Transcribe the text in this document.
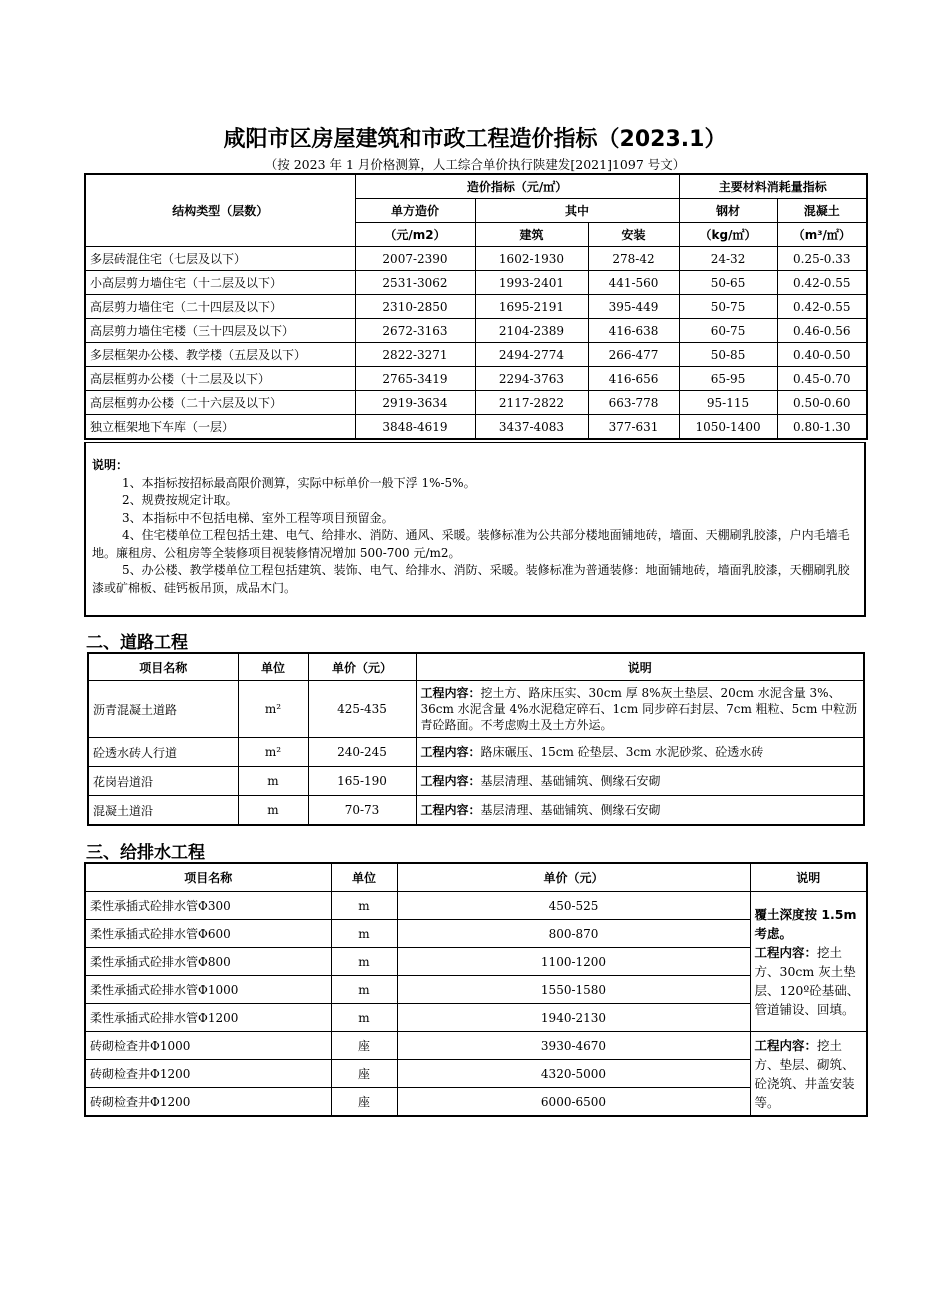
咸阳市区房屋建筑和市政工程造价指标（2023.1）
（按 2023 年 1 月价格测算，人工综合单价执行陕建发[2021]1097 号文）
结构类型（层数）	造价指标（元/㎡）			主要材料消耗量指标	
	单方造价	其中		钢材	混凝土
	（元/m2）	建筑	安装	（kg/㎡）	（m³/㎡）
多层砖混住宅（七层及以下）	2007-2390	1602-1930	278-42	24-32	0.25-0.33
小高层剪力墙住宅（十二层及以下）	2531-3062	1993-2401	441-560	50-65	0.42-0.55
高层剪力墙住宅（二十四层及以下）	2310-2850	1695-2191	395-449	50-75	0.42-0.55
高层剪力墙住宅楼（三十四层及以下）	2672-3163	2104-2389	416-638	60-75	0.46-0.56
多层框架办公楼、教学楼（五层及以下）	2822-3271	2494-2774	266-477	50-85	0.40-0.50
高层框剪办公楼（十二层及以下）	2765-3419	2294-3763	416-656	65-95	0.45-0.70
高层框剪办公楼（二十六层及以下）	2919-3634	2117-2822	663-778	95-115	0.50-0.60
独立框架地下车库（一层）	3848-4619	3437-4083	377-631	1050-1400	0.80-1.30
说明：

1、本指标按招标最高限价测算，实际中标单价一般下浮 1%-5%。

2、规费按规定计取。

3、本指标中不包括电梯、室外工程等项目预留金。

4、住宅楼单位工程包括土建、电气、给排水、消防、通风、采暖。装修标准为公共部分楼地面铺地砖，墙面、天棚刷乳胶漆，户内毛墙毛地。廉租房、公租房等全装修项目视装修情况增加 500-700 元/m2。

5、办公楼、教学楼单位工程包括建筑、装饰、电气、给排水、消防、采暖。装修标准为普通装修：地面铺地砖，墙面乳胶漆，天棚刷乳胶漆或矿棉板、硅钙板吊顶，成品木门。

二、道路工程
项目名称	单位	单价（元）	说明
沥青混凝土道路	m²	425-435	工程内容：挖土方、路床压实、30cm 厚 8%灰土垫层、20cm 水泥含量 3%、36cm 水泥含量 4%水泥稳定碎石、1cm 同步碎石封层、7cm 粗粒、5cm 中粒沥青砼路面。不考虑购土及土方外运。
砼透水砖人行道	m²	240-245	工程内容：路床碾压、15cm 砼垫层、3cm 水泥砂浆、砼透水砖
花岗岩道沿	m	165-190	工程内容：基层清理、基础铺筑、侧缘石安砌
混凝土道沿	m	70-73	工程内容：基层清理、基础铺筑、侧缘石安砌
三、给排水工程
项目名称	单位	单价（元）	说明
柔性承插式砼排水管Φ300	m	450-525	覆土深度按 1.5m 考虑。
工程内容：挖土方、30cm 灰土垫层、120º砼基础、管道铺设、回填。
柔性承插式砼排水管Φ600	m	800-870	
柔性承插式砼排水管Φ800	m	1100-1200	
柔性承插式砼排水管Φ1000	m	1550-1580	
柔性承插式砼排水管Φ1200	m	1940-2130	
砖砌检查井Φ1000	座	3930-4670	工程内容：挖土方、垫层、砌筑、砼浇筑、井盖安装等。
砖砌检查井Φ1200	座	4320-5000	
砖砌检查井Φ1200	座	6000-6500	
